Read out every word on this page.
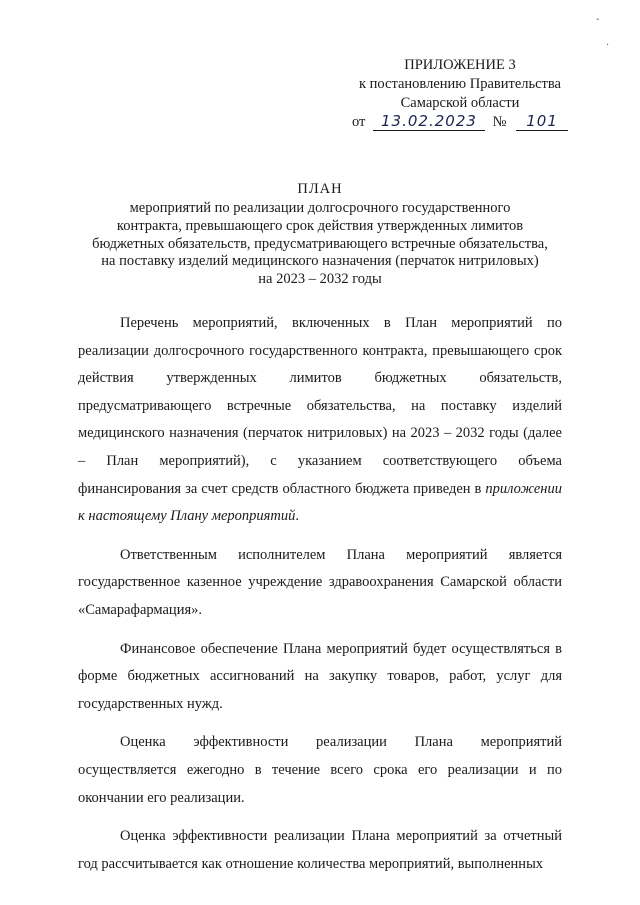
ПРИЛОЖЕНИЕ 3
к постановлению Правительства
Самарской области
от 13.02.2023 № 101
ПЛАН
мероприятий по реализации долгосрочного государственного
контракта, превышающего срок действия утвержденных лимитов
бюджетных обязательств, предусматривающего встречные обязательства,
на поставку изделий медицинского назначения (перчаток нитриловых)
на 2023 – 2032 годы

Перечень мероприятий, включенных в План мероприятий по реализации долгосрочного государственного контракта, превышающего срок действия утвержденных лимитов бюджетных обязательств, предусматривающего встречные обязательства, на поставку изделий медицинского назначения (перчаток нитриловых) на 2023 – 2032 годы (далее – План мероприятий), с указанием соответствующего объема финансирования за счет средств областного бюджета приведен в приложении к настоящему Плану мероприятий.

Ответственным исполнителем Плана мероприятий является государственное казенное учреждение здравоохранения Самарской области «Самарафармация».

Финансовое обеспечение Плана мероприятий будет осуществляться в форме бюджетных ассигнований на закупку товаров, работ, услуг для государственных нужд.

Оценка эффективности реализации Плана мероприятий осуществляется ежегодно в течение всего срока его реализации и по окончании его реализации.

Оценка эффективности реализации Плана мероприятий за отчетный год рассчитывается как отношение количества мероприятий, выполненных

-
·
